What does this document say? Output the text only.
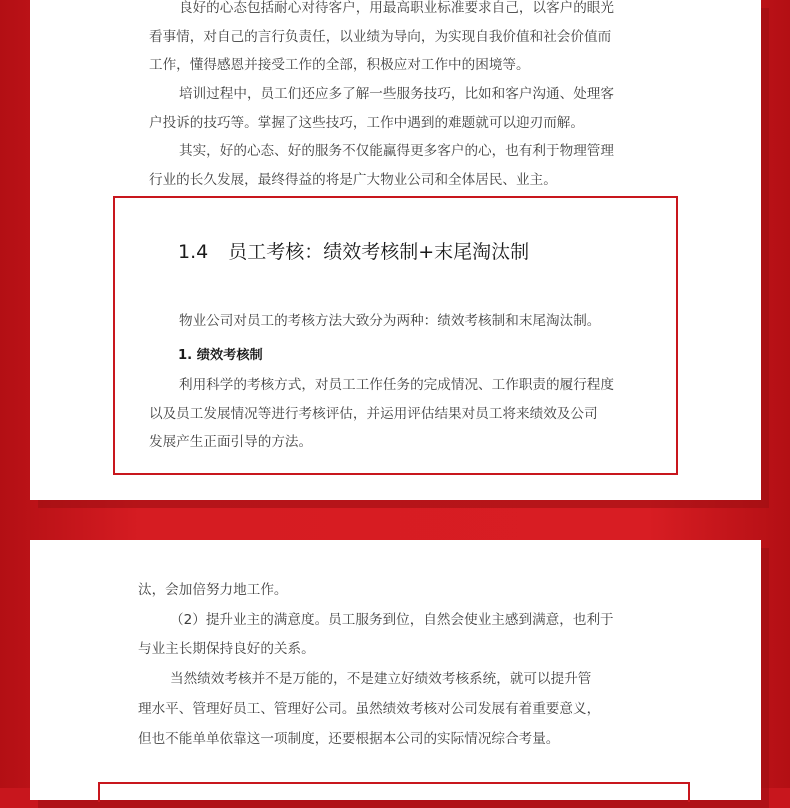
良好的心态包括耐心对待客户，用最高职业标准要求自己，以客户的眼光
看事情，对自己的言行负责任，以业绩为导向，为实现自我价值和社会价值而
工作，懂得感恩并接受工作的全部，积极应对工作中的困境等。
培训过程中，员工们还应多了解一些服务技巧，比如和客户沟通、处理客
户投诉的技巧等。掌握了这些技巧，工作中遇到的难题就可以迎刃而解。
其实，好的心态、好的服务不仅能赢得更多客户的心，也有利于物理管理
行业的长久发展，最终得益的将是广大物业公司和全体居民、业主。
1.4 员工考核：绩效考核制+末尾淘汰制
物业公司对员工的考核方法大致分为两种：绩效考核制和末尾淘汰制。
1. 绩效考核制
利用科学的考核方式，对员工工作任务的完成情况、工作职责的履行程度
以及员工发展情况等进行考核评估，并运用评估结果对员工将来绩效及公司
发展产生正面引导的方法。
汰，会加倍努力地工作。
（2）提升业主的满意度。员工服务到位，自然会使业主感到满意，也利于
与业主长期保持良好的关系。
当然绩效考核并不是万能的，不是建立好绩效考核系统，就可以提升管
理水平、管理好员工、管理好公司。虽然绩效考核对公司发展有着重要意义，
但也不能单单依靠这一项制度，还要根据本公司的实际情况综合考量。
